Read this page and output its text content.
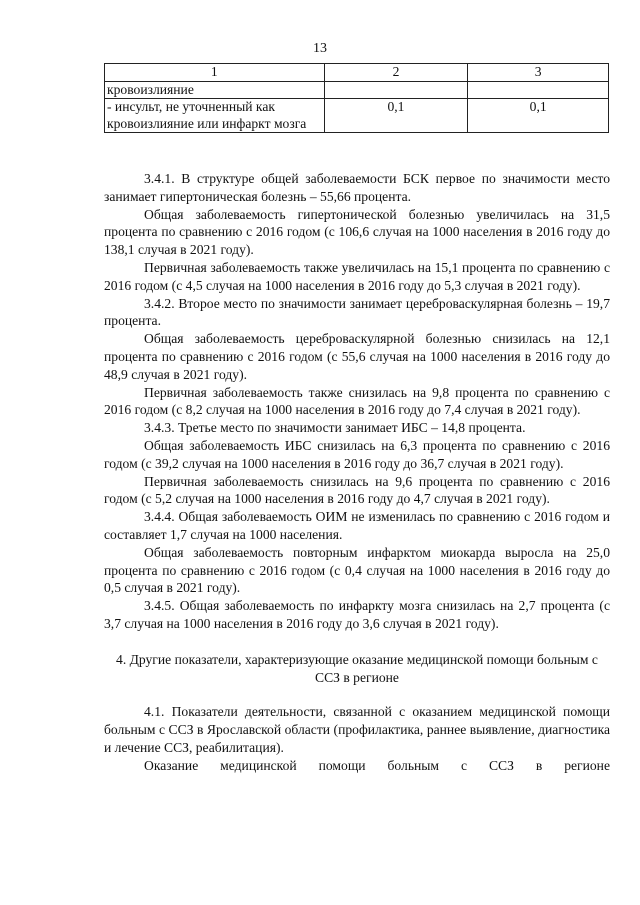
13
1	2	3
кровоизлияние		
- инсульт, не уточненный как кровоизлияние или инфаркт мозга	0,1	0,1

3.4.1. В структуре общей заболеваемости БСК первое по значимости место занимает гипертоническая болезнь – 55,66 процента.

Общая заболеваемость гипертонической болезнью увеличилась на 31,5 процента по сравнению с 2016 годом (с 106,6 случая на 1000 населения в 2016 году до 138,1 случая в 2021 году).

Первичная заболеваемость также увеличилась на 15,1 процента по сравнению с 2016 годом (с 4,5 случая на 1000 населения в 2016 году до 5,3 случая в 2021 году).

3.4.2. Второе место по значимости занимает цереброваскулярная болезнь – 19,7 процента.

Общая заболеваемость цереброваскулярной болезнью снизилась на 12,1 процента по сравнению с 2016 годом (с 55,6 случая на 1000 населения в 2016 году до 48,9 случая в 2021 году).

Первичная заболеваемость также снизилась на 9,8 процента по сравнению с 2016 годом (с 8,2 случая на 1000 населения в 2016 году до 7,4 случая в 2021 году).

3.4.3. Третье место по значимости занимает ИБС – 14,8 процента.

Общая заболеваемость ИБС снизилась на 6,3 процента по сравнению с 2016 годом (с 39,2 случая на 1000 населения в 2016 году до 36,7 случая в 2021 году).

Первичная заболеваемость снизилась на 9,6 процента по сравнению с 2016 годом (с 5,2 случая на 1000 населения в 2016 году до 4,7 случая в 2021 году).

3.4.4. Общая заболеваемость ОИМ не изменилась по сравнению с 2016 годом и составляет 1,7 случая на 1000 населения.

Общая заболеваемость повторным инфарктом миокарда выросла на 25,0 процента по сравнению с 2016 годом (с 0,4 случая на 1000 населения в 2016 году до 0,5 случая в 2021 году).

3.4.5. Общая заболеваемость по инфаркту мозга снизилась на 2,7 процента (с 3,7 случая на 1000 населения в 2016 году до 3,6 случая в 2021 году).

4. Другие показатели, характеризующие оказание медицинской помощи больным с ССЗ в регионе

4.1. Показатели деятельности, связанной с оказанием медицинской помощи больным с ССЗ в Ярославской области (профилактика, раннее выявление, диагностика и лечение ССЗ, реабилитация).

Оказание медицинской помощи больным с ССЗ в регионе
